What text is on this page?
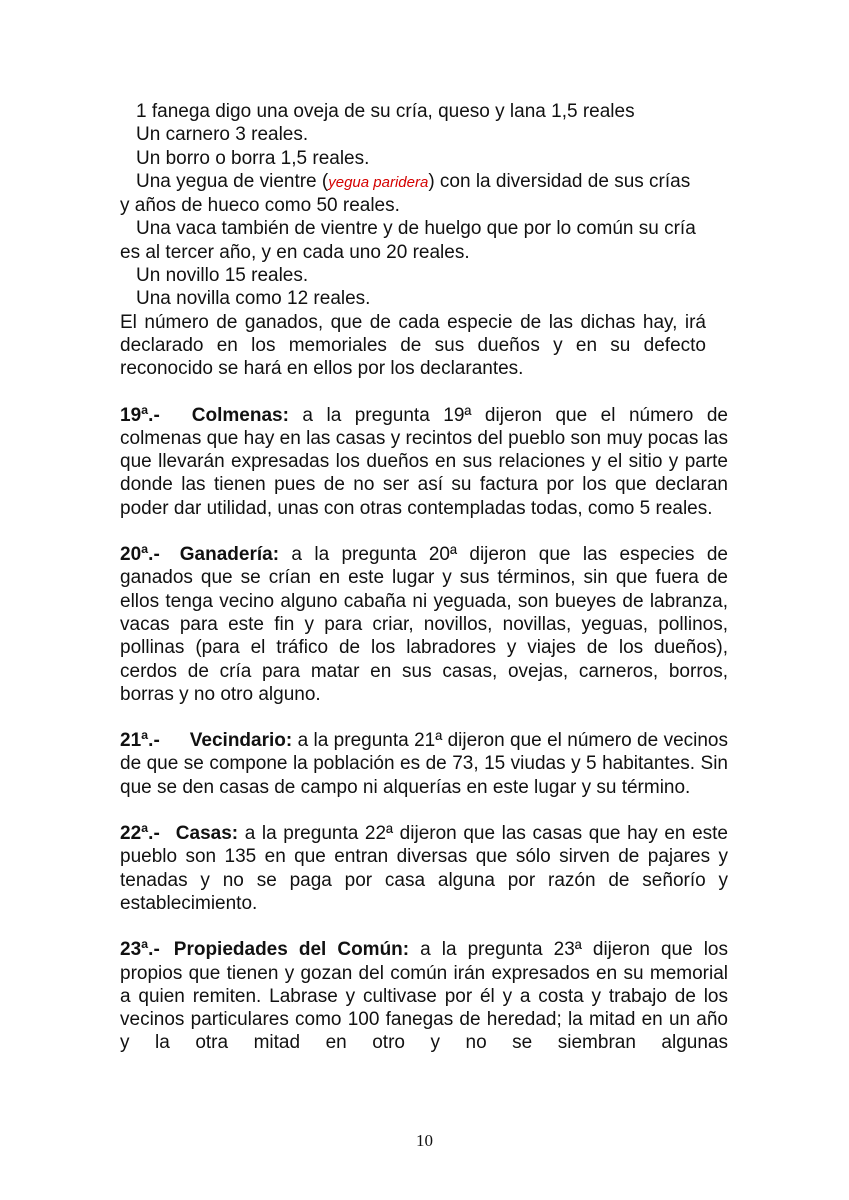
1 fanega digo una oveja de su cría, queso y lana 1,5 reales
Un carnero 3 reales.
Un borro o borra 1,5 reales.
Una yegua de vientre (yegua paridera) con la diversidad de sus crías
y años de hueco como 50 reales.
Una vaca también de vientre y de huelgo que por lo común su cría
es al tercer año, y en cada uno 20 reales.
Un novillo 15 reales.
Una novilla como 12 reales.
El número de ganados, que de cada especie de las dichas hay, irá declarado en los memoriales de sus dueños y en su defecto reconocido se hará en ellos por los declarantes.
19ª.- Colmenas: a la pregunta 19ª dijeron que el número de colmenas que hay en las casas y recintos del pueblo son muy pocas las que llevarán expresadas los dueños en sus relaciones y el sitio y parte donde las tienen pues de no ser así su factura por los que declaran poder dar utilidad, unas con otras contempladas todas, como 5 reales.
20ª.- Ganadería: a la pregunta 20ª dijeron que las especies de ganados que se crían en este lugar y sus términos, sin que fuera de ellos tenga vecino alguno cabaña ni yeguada, son bueyes de labranza, vacas para este fin y para criar, novillos, novillas, yeguas, pollinos, pollinas (para el tráfico de los labradores y viajes de los dueños), cerdos de cría para matar en sus casas, ovejas, carneros, borros, borras y no otro alguno.
21ª.- Vecindario: a la pregunta 21ª dijeron que el número de vecinos de que se compone la población es de 73, 15 viudas y 5 habitantes. Sin que se den casas de campo ni alquerías en este lugar y su término.
22ª.- Casas: a la pregunta 22ª dijeron que las casas que hay en este pueblo son 135 en que entran diversas que sólo sirven de pajares y tenadas y no se paga por casa alguna por razón de señorío y establecimiento.
23ª.- Propiedades del Común: a la pregunta 23ª dijeron que los propios que tienen y gozan del común irán expresados en su memorial a quien remiten. Labrase y cultivase por él y a costa y trabajo de los vecinos particulares como 100 fanegas de heredad; la mitad en un año y la otra mitad en otro y no se siembran algunas
10
